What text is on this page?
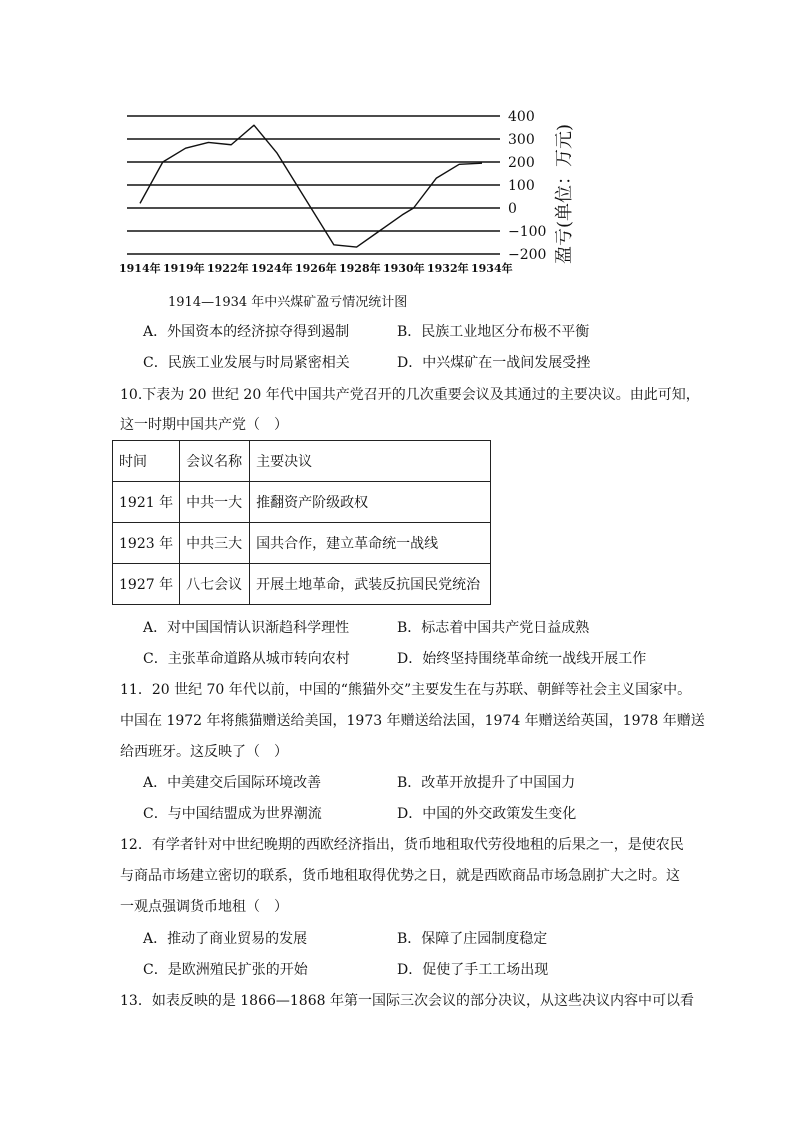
400
300
200
100
0
−100
−200
1914年 1919年 1922年 1924年 1926年 1928年 1930年 1932年 1934年
盈亏(单位：万元)
1914—1934 年中兴煤矿盈亏情况统计图
A．外国资本的经济掠夺得到遏制	B．民族工业地区分布极不平衡
C．民族工业发展与时局紧密相关	D．中兴煤矿在一战间发展受挫
10.下表为 20 世纪 20 年代中国共产党召开的几次重要会议及其通过的主要决议。由此可知，
这一时期中国共产党（　）
时间	会议名称	主要决议
1921 年	中共一大	推翻资产阶级政权
1923 年	中共三大	国共合作，建立革命统一战线
1927 年	八七会议	开展土地革命，武装反抗国民党统治
A．对中国国情认识渐趋科学理性	B．标志着中国共产党日益成熟
C．主张革命道路从城市转向农村	D．始终坚持围绕革命统一战线开展工作
11．20 世纪 70 年代以前，中国的“熊猫外交”主要发生在与苏联、朝鲜等社会主义国家中。
中国在 1972 年将熊猫赠送给美国，1973 年赠送给法国，1974 年赠送给英国，1978 年赠送
给西班牙。这反映了（　）
A．中美建交后国际环境改善	B．改革开放提升了中国国力
C．与中国结盟成为世界潮流	D．中国的外交政策发生变化
12．有学者针对中世纪晚期的西欧经济指出，货币地租取代劳役地租的后果之一，是使农民
与商品市场建立密切的联系，货币地租取得优势之日，就是西欧商品市场急剧扩大之时。这
一观点强调货币地租（　）
A．推动了商业贸易的发展	B．保障了庄园制度稳定
C．是欧洲殖民扩张的开始	D．促使了手工工场出现
13．如表反映的是 1866—1868 年第一国际三次会议的部分决议，从这些决议内容中可以看
